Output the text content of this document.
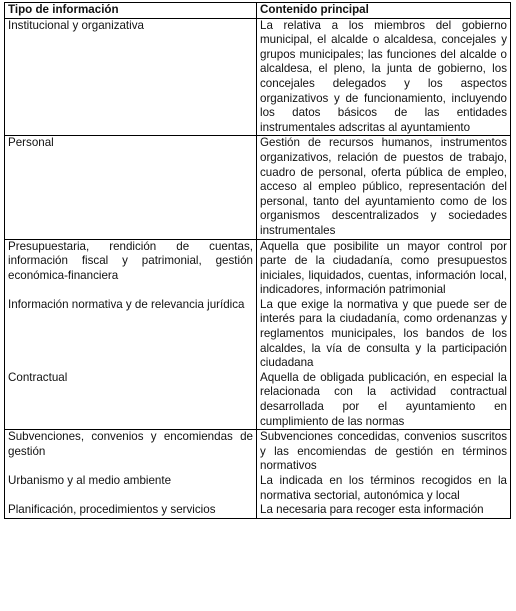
Tipo de información	Contenido principal
Institucional y organizativa	La relativa a los miembros del gobierno municipal, el alcalde o alcaldesa, concejales y grupos municipales; las funciones del alcalde o alcaldesa, el pleno, la junta de gobierno, los concejales delegados y los aspectos organizativos y de funcionamiento, incluyendo los datos básicos de las entidades instrumentales adscritas al ayuntamiento
Personal	Gestión de recursos humanos, instrumentos organizativos, relación de puestos de trabajo, cuadro de personal, oferta pública de empleo, acceso al empleo público, representación del personal, tanto del ayuntamiento como de los organismos descentralizados y sociedades instrumentales
Presupuestaria, rendición de cuentas, información fiscal y patrimonial, gestión económica-financiera	Aquella que posibilite un mayor control por parte de la ciudadanía, como presupuestos iniciales, liquidados, cuentas, información local, indicadores, información patrimonial
Información normativa y de relevancia jurídica	La que exige la normativa y que puede ser de interés para la ciudadanía, como ordenanzas y reglamentos municipales, los bandos de los alcaldes, la vía de consulta y la participación ciudadana
Contractual	Aquella de obligada publicación, en especial la relacionada con la actividad contractual desarrollada por el ayuntamiento en cumplimiento de las normas
Subvenciones, convenios y encomiendas de gestión	Subvenciones concedidas, convenios suscritos y las encomiendas de gestión en términos normativos
Urbanismo y al medio ambiente	La indicada en los términos recogidos en la normativa sectorial, autonómica y local
Planificación, procedimientos y servicios	La necesaria para recoger esta información
